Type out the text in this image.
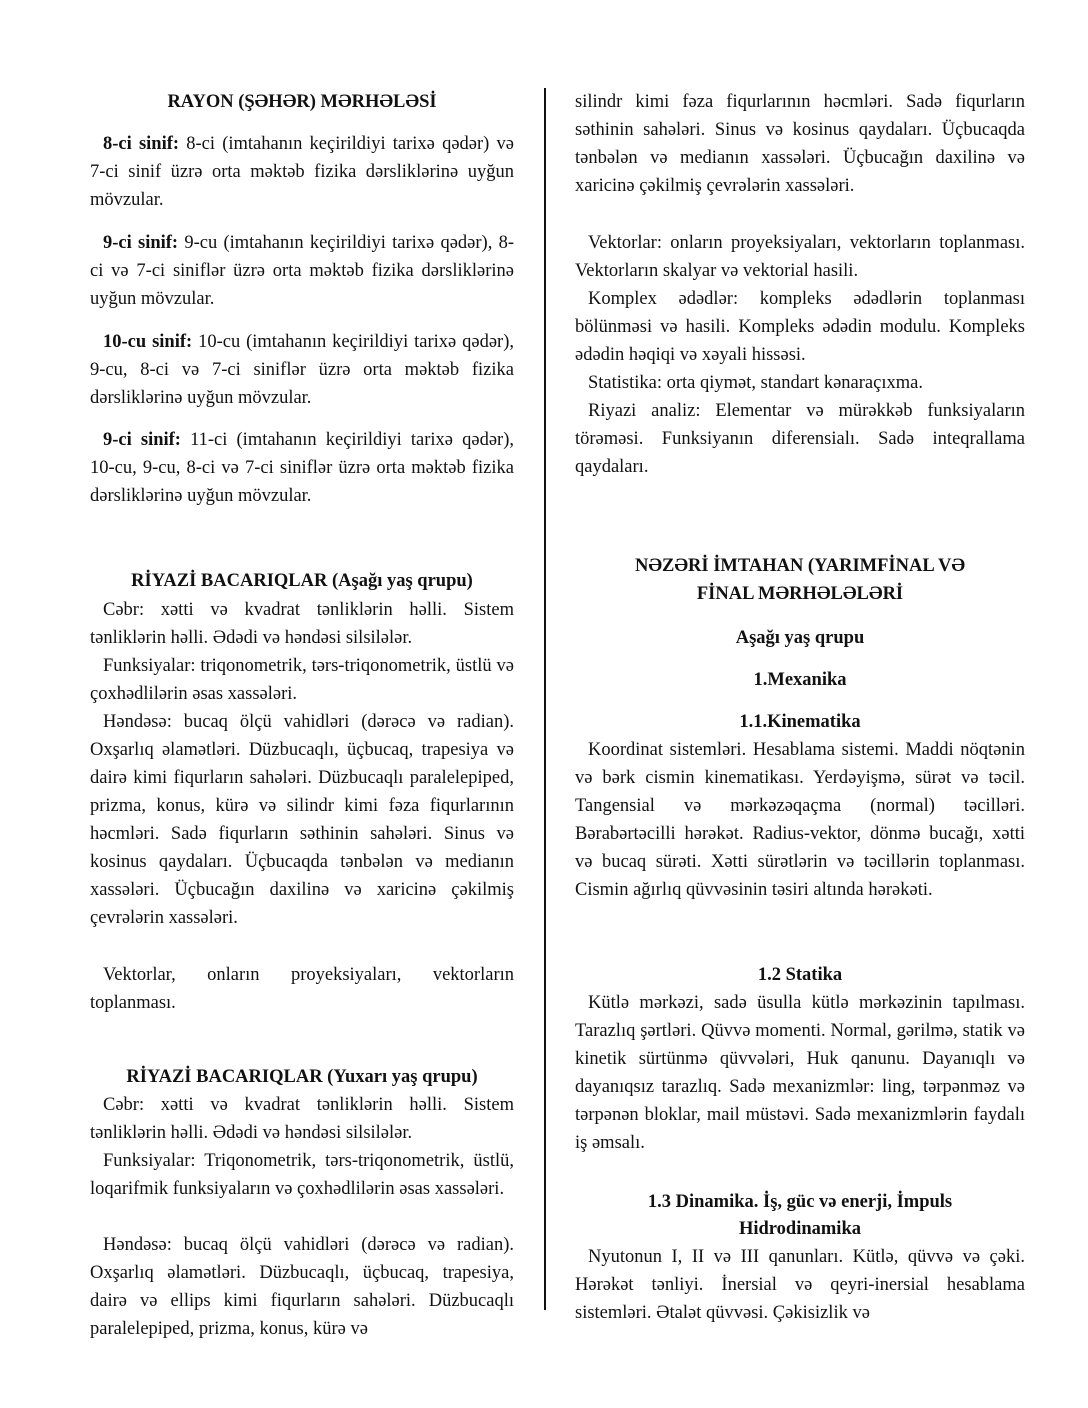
RAYON (ŞƏHƏR) MƏRHƏLƏSİ

8-ci sinif: 8-ci (imtahanın keçirildiyi tarixə qədər) və 7-ci sinif üzrə orta məktəb fizika dərsliklərinə uyğun mövzular.

9-ci sinif: 9-cu (imtahanın keçirildiyi tarixə qədər), 8-ci və 7-ci siniflər üzrə orta məktəb fizika dərsliklərinə uyğun mövzular.

10-cu sinif: 10-cu (imtahanın keçirildiyi tarixə qədər), 9-cu, 8-ci və 7-ci siniflər üzrə orta məktəb fizika dərsliklərinə uyğun mövzular.

9-ci sinif: 11-ci (imtahanın keçirildiyi tarixə qədər), 10-cu, 9-cu, 8-ci və 7-ci siniflər üzrə orta məktəb fizika dərsliklərinə uyğun mövzular.

RİYAZİ BACARIQLAR (Aşağı yaş qrupu)

Cəbr: xətti və kvadrat tənliklərin həlli. Sistem tənliklərin həlli. Ədədi və həndəsi silsilələr.

Funksiyalar: triqonometrik, tərs-triqonometrik, üstlü və çoxhədlilərin əsas xassələri.

Həndəsə: bucaq ölçü vahidləri (dərəcə və radian). Oxşarlıq əlamətləri. Düzbucaqlı, üçbucaq, trapesiya və dairə kimi fiqurların sahələri. Düzbucaqlı paralelepiped, prizma, konus, kürə və silindr kimi fəza fiqurlarının həcmləri. Sadə fiqurların səthinin sahələri. Sinus və kosinus qaydaları. Üçbucaqda tənbələn və medianın xassələri. Üçbucağın daxilinə və xaricinə çəkilmiş çevrələrin xassələri.

Vektorlar, onların proyeksiyaları, vektorların toplanması.

RİYAZİ BACARIQLAR (Yuxarı yaş qrupu)

Cəbr: xətti və kvadrat tənliklərin həlli. Sistem tənliklərin həlli. Ədədi və həndəsi silsilələr.

Funksiyalar: Triqonometrik, tərs-triqonometrik, üstlü, loqarifmik funksiyaların və çoxhədlilərin əsas xassələri.

Həndəsə: bucaq ölçü vahidləri (dərəcə və radian). Oxşarlıq əlamətləri. Düzbucaqlı, üçbucaq, trapesiya, dairə və ellips kimi fiqurların sahələri. Düzbucaqlı paralelepiped, prizma, konus, kürə və

silindr kimi fəza fiqurlarının həcmləri. Sadə fiqurların səthinin sahələri. Sinus və kosinus qaydaları. Üçbucaqda tənbələn və medianın xassələri. Üçbucağın daxilinə və xaricinə çəkilmiş çevrələrin xassələri.

Vektorlar: onların proyeksiyaları, vektorların toplanması. Vektorların skalyar və vektorial hasili.

Komplex ədədlər: kompleks ədədlərin toplanması bölünməsi və hasili. Kompleks ədədin modulu. Kompleks ədədin həqiqi və xəyali hissəsi.

Statistika: orta qiymət, standart kənaraçıxma.

Riyazi analiz: Elementar və mürəkkəb funksiyaların törəməsi. Funksiyanın diferensialı. Sadə inteqrallama qaydaları.

NƏZƏRİ İMTAHAN (YARIMFİNAL VƏ
FİNAL MƏRHƏLƏLƏRİ
Aşağı yaş qrupu
1.Mexanika
1.1.Kinematika

Koordinat sistemləri. Hesablama sistemi. Maddi nöqtənin və bərk cismin kinematikası. Yerdəyişmə, sürət və təcil. Tangensial və mərkəzəqaçma (normal) təcilləri. Bərabərtəcilli hərəkət. Radius-vektor, dönmə bucağı, xətti və bucaq sürəti. Xətti sürətlərin və təcillərin toplanması. Cismin ağırlıq qüvvəsinin təsiri altında hərəkəti.

1.2 Statika

Kütlə mərkəzi, sadə üsulla kütlə mərkəzinin tapılması. Tarazlıq şərtləri. Qüvvə momenti. Normal, gərilmə, statik və kinetik sürtünmə qüvvələri, Huk qanunu. Dayanıqlı və dayanıqsız tarazlıq. Sadə mexanizmlər: ling, tərpənməz və tərpənən bloklar, mail müstəvi. Sadə mexanizmlərin faydalı iş əmsalı.

1.3 Dinamika. İş, güc və enerji, İmpuls
Hidrodinamika

Nyutonun I, II və III qanunları. Kütlə, qüvvə və çəki. Hərəkət tənliyi. İnersial və qeyri-inersial hesablama sistemləri. Ətalət qüvvəsi. Çəkisizlik və
